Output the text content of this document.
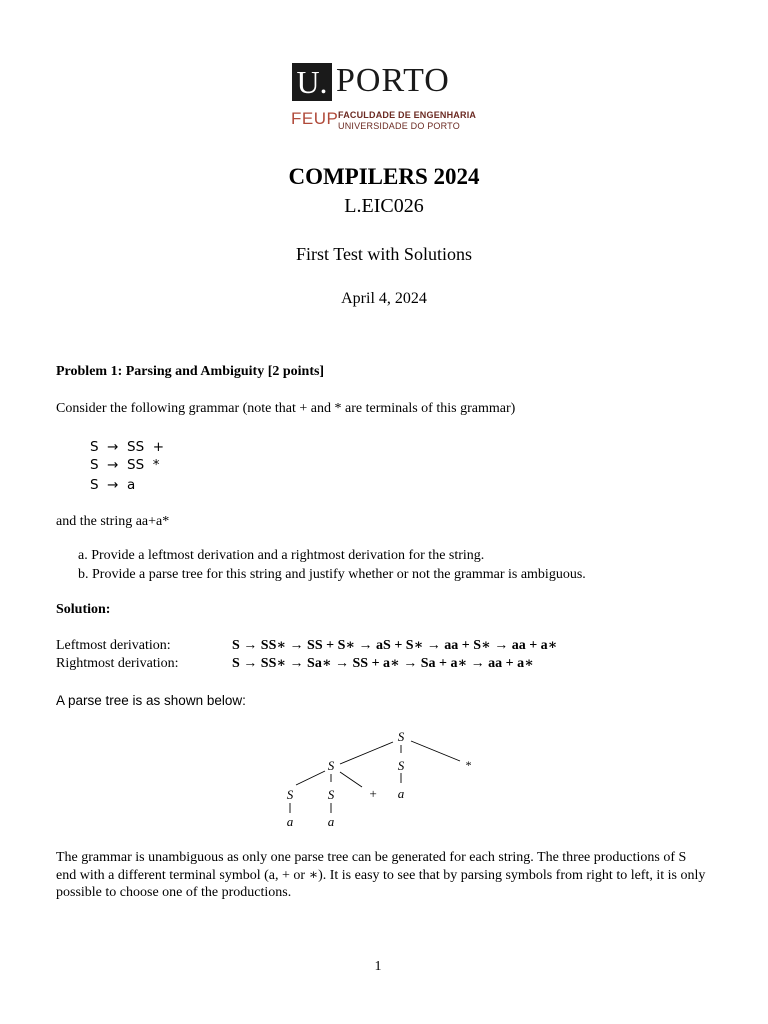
U. PORTO
FEUP FACULDADE DE ENGENHARIA
UNIVERSIDADE DO PORTO
COMPILERS 2024
L.EIC026
First Test with Solutions
April 4, 2024
Problem 1: Parsing and Ambiguity [2 points]
Consider the following grammar (note that + and * are terminals of this grammar)
S  →  SS  +
S  →  SS  *
S  →  a
and the string aa+a*
a. Provide a leftmost derivation and a rightmost derivation for the string.
b. Provide a parse tree for this string and justify whether or not the grammar is ambiguous.
Solution:
Leftmost derivation:	S → SS∗ → SS + S∗ → aS + S∗ → aa + S∗ → aa + a∗
Rightmost derivation:	S → SS∗ → Sa∗ → SS + a∗ → Sa + a∗ → aa + a∗
A parse tree is as shown below:
S
S	S	*
S	S	+ a
a	a
The grammar is unambiguous as only one parse tree can be generated for each string. The three productions of S end with a different terminal symbol (a, + or ∗). It is easy to see that by parsing symbols from right to left, it is only possible to choose one of the productions.
1
